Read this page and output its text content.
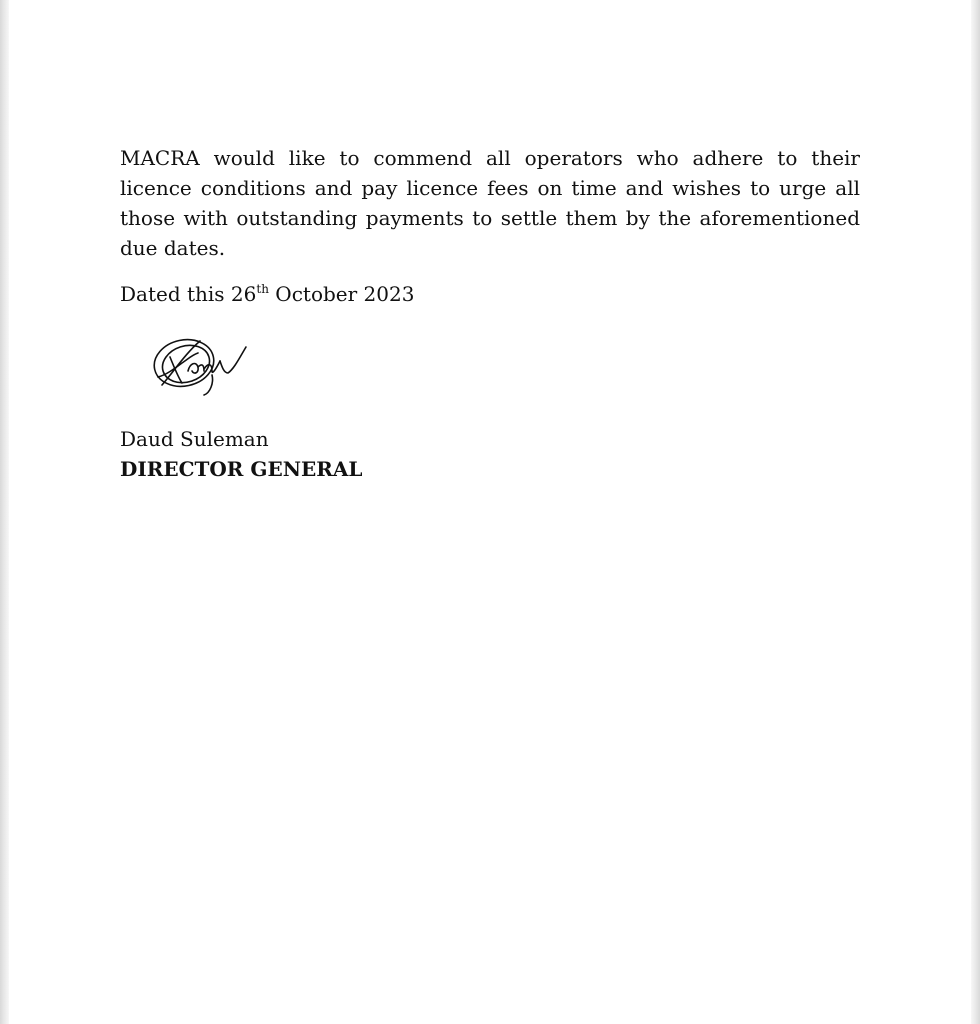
MACRA would like to commend all operators who adhere to their licence conditions and pay licence fees on time and wishes to urge all those with outstanding payments to settle them by the aforementioned due dates.

Dated this 26th October 2023

Daud Suleman

DIRECTOR GENERAL
